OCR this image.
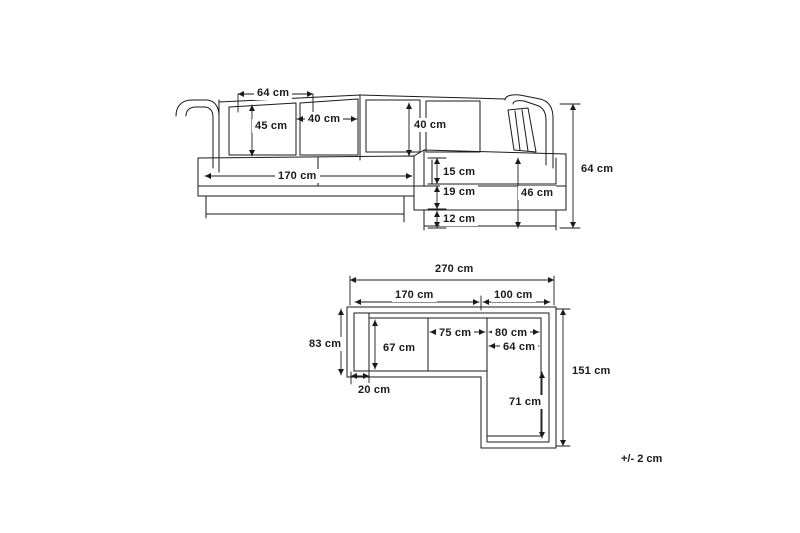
64 cm
40 cm
45 cm	40 cm
170 cm	15 cm
19 cm
12 cm
46 cm
64 cm
270 cm
170 cm	100 cm
83 cm	67 cm
75 cm 80 cm
64 cm
20 cm
151 cm
71 cm
+/- 2 cm
